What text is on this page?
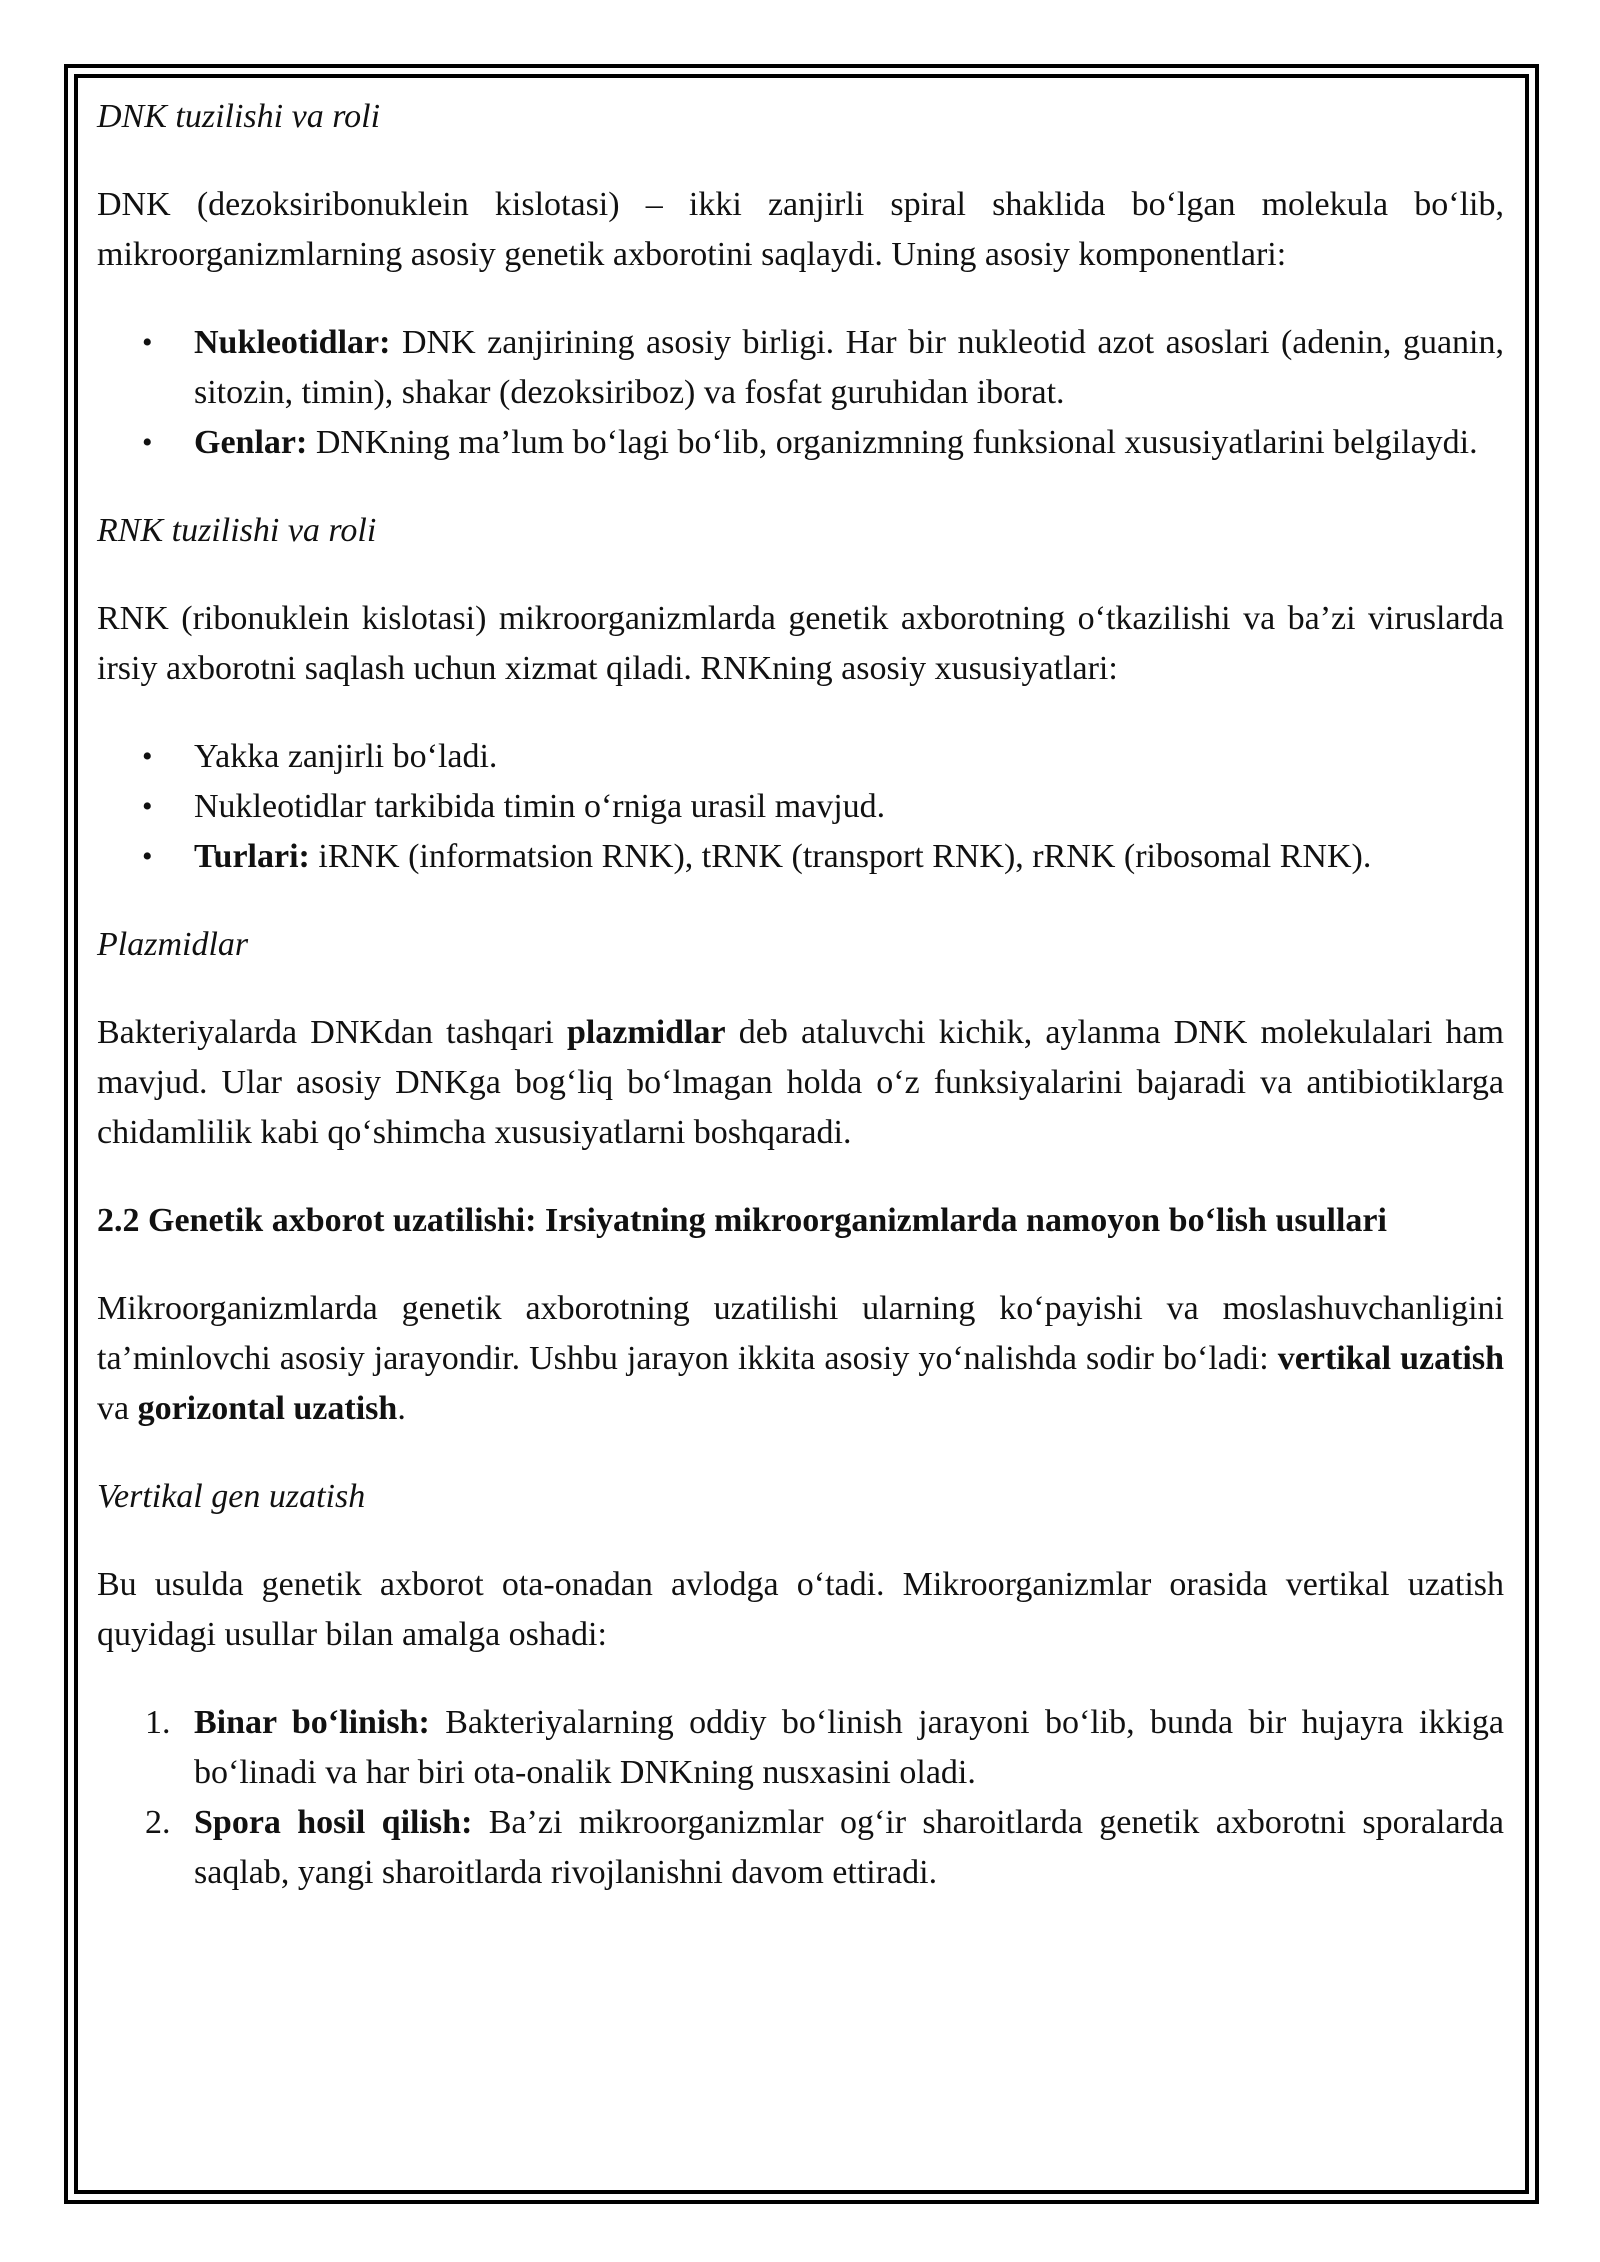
DNK tuzilishi va roli

DNK (dezoksiribonuklein kislotasi) – ikki zanjirli spiral shaklida bo‘lgan molekula bo‘lib, mikroorganizmlarning asosiy genetik axborotini saqlaydi. Uning asosiy komponentlari:

• Nukleotidlar: DNK zanjirining asosiy birligi. Har bir nukleotid azot asoslari (adenin, guanin, sitozin, timin), shakar (dezoksiriboz) va fosfat guruhidan iborat.
• Genlar: DNKning ma’lum bo‘lagi bo‘lib, organizmning funksional xususiyatlarini belgilaydi.

RNK tuzilishi va roli

RNK (ribonuklein kislotasi) mikroorganizmlarda genetik axborotning o‘tkazilishi va ba’zi viruslarda irsiy axborotni saqlash uchun xizmat qiladi. RNKning asosiy xususiyatlari:

• Yakka zanjirli bo‘ladi.
• Nukleotidlar tarkibida timin o‘rniga urasil mavjud.
• Turlari: iRNK (informatsion RNK), tRNK (transport RNK), rRNK (ribosomal RNK).

Plazmidlar

Bakteriyalarda DNKdan tashqari plazmidlar deb ataluvchi kichik, aylanma DNK molekulalari ham mavjud. Ular asosiy DNKga bog‘liq bo‘lmagan holda o‘z funksiyalarini bajaradi va antibiotiklarga chidamlilik kabi qo‘shimcha xususiyatlarni boshqaradi.

2.2 Genetik axborot uzatilishi: Irsiyatning mikroorganizmlarda namoyon bo‘lish usullari

Mikroorganizmlarda genetik axborotning uzatilishi ularning ko‘payishi va moslashuvchanligini ta’minlovchi asosiy jarayondir. Ushbu jarayon ikkita asosiy yo‘nalishda sodir bo‘ladi: vertikal uzatish va gorizontal uzatish.

Vertikal gen uzatish

Bu usulda genetik axborot ota-onadan avlodga o‘tadi. Mikroorganizmlar orasida vertikal uzatish quyidagi usullar bilan amalga oshadi:

1. Binar bo‘linish: Bakteriyalarning oddiy bo‘linish jarayoni bo‘lib, bunda bir hujayra ikkiga bo‘linadi va har biri ota-onalik DNKning nusxasini oladi.
2. Spora hosil qilish: Ba’zi mikroorganizmlar og‘ir sharoitlarda genetik axborotni sporalarda saqlab, yangi sharoitlarda rivojlanishni davom ettiradi.
